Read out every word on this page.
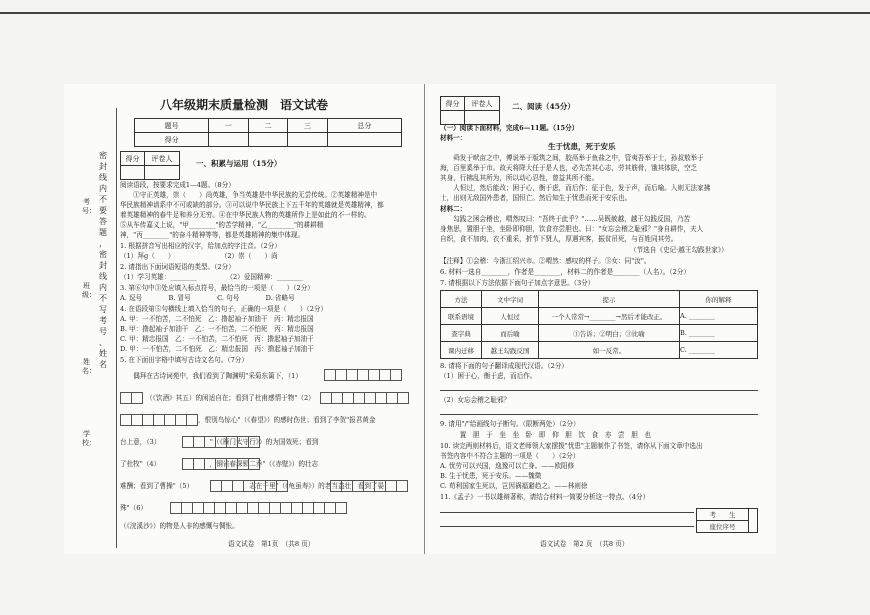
密
封
线
内
不
要
答
题
，
密
封
线
内
不
写
考
号
、
姓
名
考号：
班级：
姓名：
学校：
八年级期末质量检测　语文试卷
题号	一	二	三	总分
得分				
得分	评卷人

一、积累与运用（15分）
阅读语段，按要求完成1—4题。（8分）
　　①守正英雄，崇（　　）尚英雄，争当英雄是中华民族的无尝传统。②英雄精神是中
华民族精神谱系中不可或缺的部分。③可以说中华民族上下五千年的英雄就是英雄精神，都
着英雄精神的春牛足和养分无穷。④在中华民族人物的英雄所作上是如此的不一样的。
⑤从车传嘉义上说，"甲________"的苦学精神，"乙________"的耕耕精
神，"丙________"的奋斗精神等等，都是英雄精神的集中体现。
1. 根据拼音写出相应的汉字，给加点的字注音。（2分）
（1）拜ɡ（　　）　　　　　　　　（2）崇（　　）尚
2. 请指出下面词语短语的类型。（2分）
（1）学习英雄：________　　　　　（2）爱国精神：________
3. 第⑥句中③处应填入标点符号，最恰当的一项是（　　）（2分）
A. 逗号　　　　B. 冒号　　　　C. 句号　　　　D. 省略号
4. 在语段第⑤句横线上填入恰当的句子，正确的一项是（　　）（2分）
A. 甲：一不怕苦，二不怕死　乙：撸起袖子加油干　丙：精忠报国
B. 甲：撸起袖子加油干　乙：一不怕苦，二不怕死　丙：精忠报国
C. 甲：精忠报国　乙：一不怕苦，二不怕死　丙：撸起袖子加油干
D. 甲：一不怕苦，二不怕死　乙：精忠报国　丙：撸起袖子加油干
5. 在下面田字格中填写古诗文名句。（7分）
　　偶拜在古诗词苑中，我们看到了陶渊明"采菊东篱下，（1）
（《饮酒》其五）的闲适自在；看到了杜甫感情于物"（2）
，恨别鸟惊心"（《春望》）的感时伤世；看到了李贺"报君黄金
台上意，（3）　　　　　　　　"（《雁门太守行》）的为国效死；看到
了杜牧"（4）　　　　　　　　，铜雀春深锁二乔"（《赤壁》）的壮志
难酬；看到了曹操"（5）　　　　　　　　，志在千里"（《龟虽寿》）的老当益壮；看到了晏
殊"（6）
（《浣溪沙》）的物是人非的感慨与惆怅。
语文试卷　第1页　（共8 页）
得分	评卷人
		二、阅读（45分）
（一）阅读下面材料，完成6—11题。（15分）
材料一：
生于忧患，死于安乐
　　舜发于畎亩之中，傅说举于版筑之间，胶鬲举于鱼盐之中，管夷吾举于士，孙叔敖举于
海，百里奚举于市。故天将降大任于是人也，必先苦其心志，劳其筋骨，饿其体肤，空乏
其身，行拂乱其所为，所以动心忍性，曾益其所不能。
　　人恒过，然后能改；困于心，衡于虑，而后作；征于色，发于声，而后喻。入则无法家拂
士，出则无敌国外患者，国恒亡。然后知生于忧患而死于安乐也。
材料二：
　　勾践之困会稽也，喟然叹曰："吾终于此乎？"……吴既赦越，越王勾践反国，乃苦
身焦思，置胆于坐，坐卧即仰胆，饮食亦尝胆也。曰："女忘会稽之耻邪？"身自耕作，夫人
自织，食不加肉，衣不重采，折节下贤人，厚遇宾客，振贫吊死，与百姓同其劳。
（节选自《史记·越王勾践世家》）
【注释】①会稽：今浙江绍兴市。②喟然：感叹的样子。③女：同"汝"。
6. 材料一选自________，作者是________，材料二的作者是________（人名）。（2分）
7. 请根据以下方法依据下面句子加点字意思。（3分）
方法	文中字词	提示	你的解释
联系语境	人恒过	一个人常常→________→然后才能改正。	A. ________
查字典	而后喻	①告诉；②明白；③比喻	B. ________
课内迁移	越王勾践反国	如一反常。	C. ________
8. 请将下面的句子翻译成现代汉语。（2分）
（1）困于心，衡于虑，而后作。
（2）女忘会稽之耻邪？
9. 请用"/"给画线句子断句。（限断两处）（2分）
　　　置　胆　于　坐　坐　卧　即　仰　胆　饮　食　亦　尝　胆　也
10. 读完两则材料后，语文老师领大家摆拨"忧患"主题制作了书签，请你从下面文章中选出
书签内容中不符合主题的一项是（　　）（2分）
A. 忧劳可以兴国，逸豫可以亡身。——欧阳修
B. 生于忧患，死于安乐。——魏徵
C. 苟利国家生死以，岂因祸福避趋之。——林则徐
11.《孟子》一书以雄辩著称，请结合材料一简要分析这一特点。（4分）
考　　生	
座位序号
语文试卷　第2 页　（共8 页）
